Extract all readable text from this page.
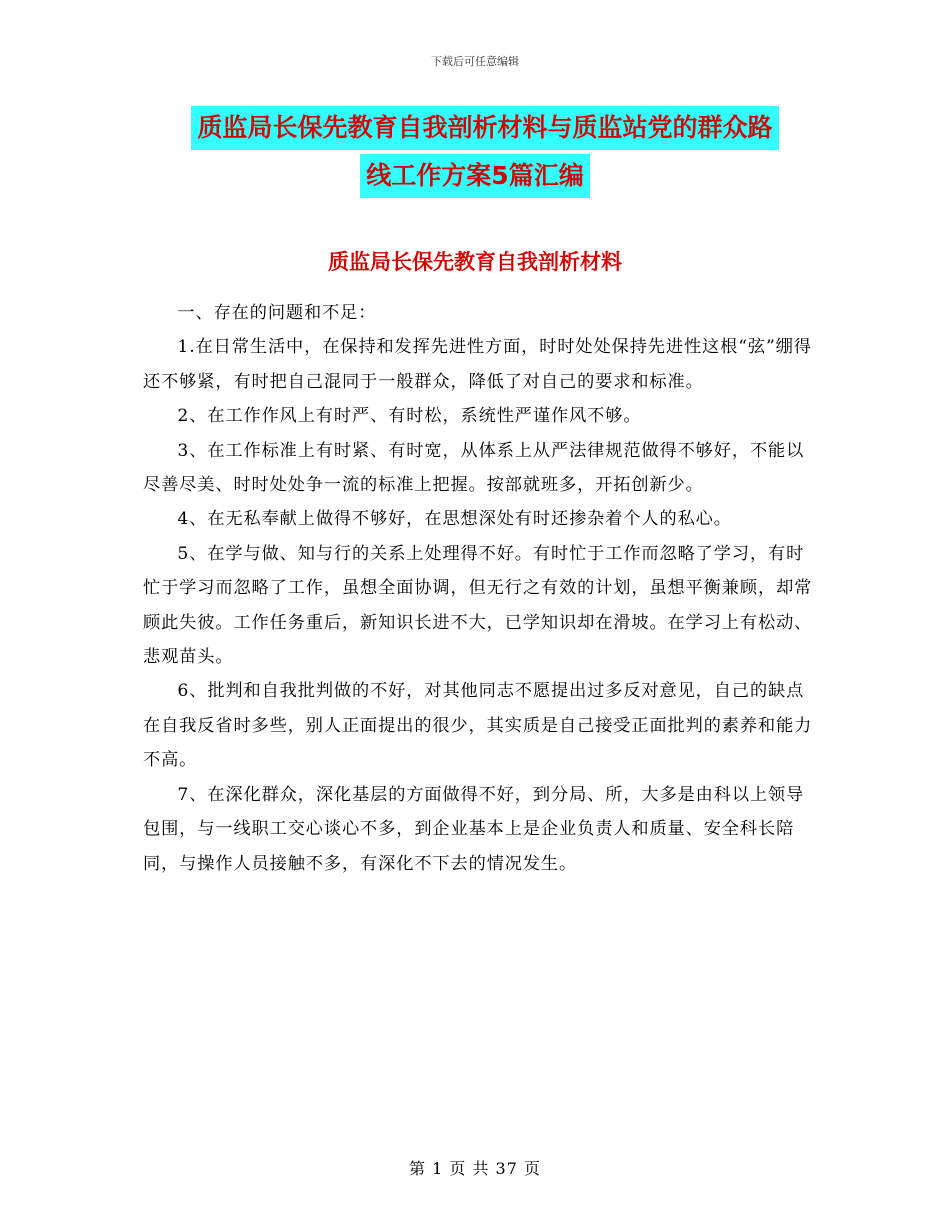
下载后可任意编辑
质监局长保先教育自我剖析材料与质监站党的群众路
线工作方案5篇汇编
质监局长保先教育自我剖析材料

一、存在的问题和不足：

1.在日常生活中，在保持和发挥先进性方面，时时处处保持先进性这根“弦”绷得还不够紧，有时把自己混同于一般群众，降低了对自己的要求和标准。

2、在工作作风上有时严、有时松，系统性严谨作风不够。

3、在工作标准上有时紧、有时宽，从体系上从严法律规范做得不够好，不能以尽善尽美、时时处处争一流的标准上把握。按部就班多，开拓创新少。

4、在无私奉献上做得不够好，在思想深处有时还掺杂着个人的私心。

5、在学与做、知与行的关系上处理得不好。有时忙于工作而忽略了学习，有时忙于学习而忽略了工作，虽想全面协调，但无行之有效的计划，虽想平衡兼顾，却常顾此失彼。工作任务重后，新知识长进不大，已学知识却在滑坡。在学习上有松动、悲观苗头。

6、批判和自我批判做的不好，对其他同志不愿提出过多反对意见，自己的缺点在自我反省时多些，别人正面提出的很少，其实质是自己接受正面批判的素养和能力不高。

7、在深化群众，深化基层的方面做得不好，到分局、所，大多是由科以上领导包围，与一线职工交心谈心不多，到企业基本上是企业负责人和质量、安全科长陪同，与操作人员接触不多，有深化不下去的情况发生。

第 1 页 共 37 页
